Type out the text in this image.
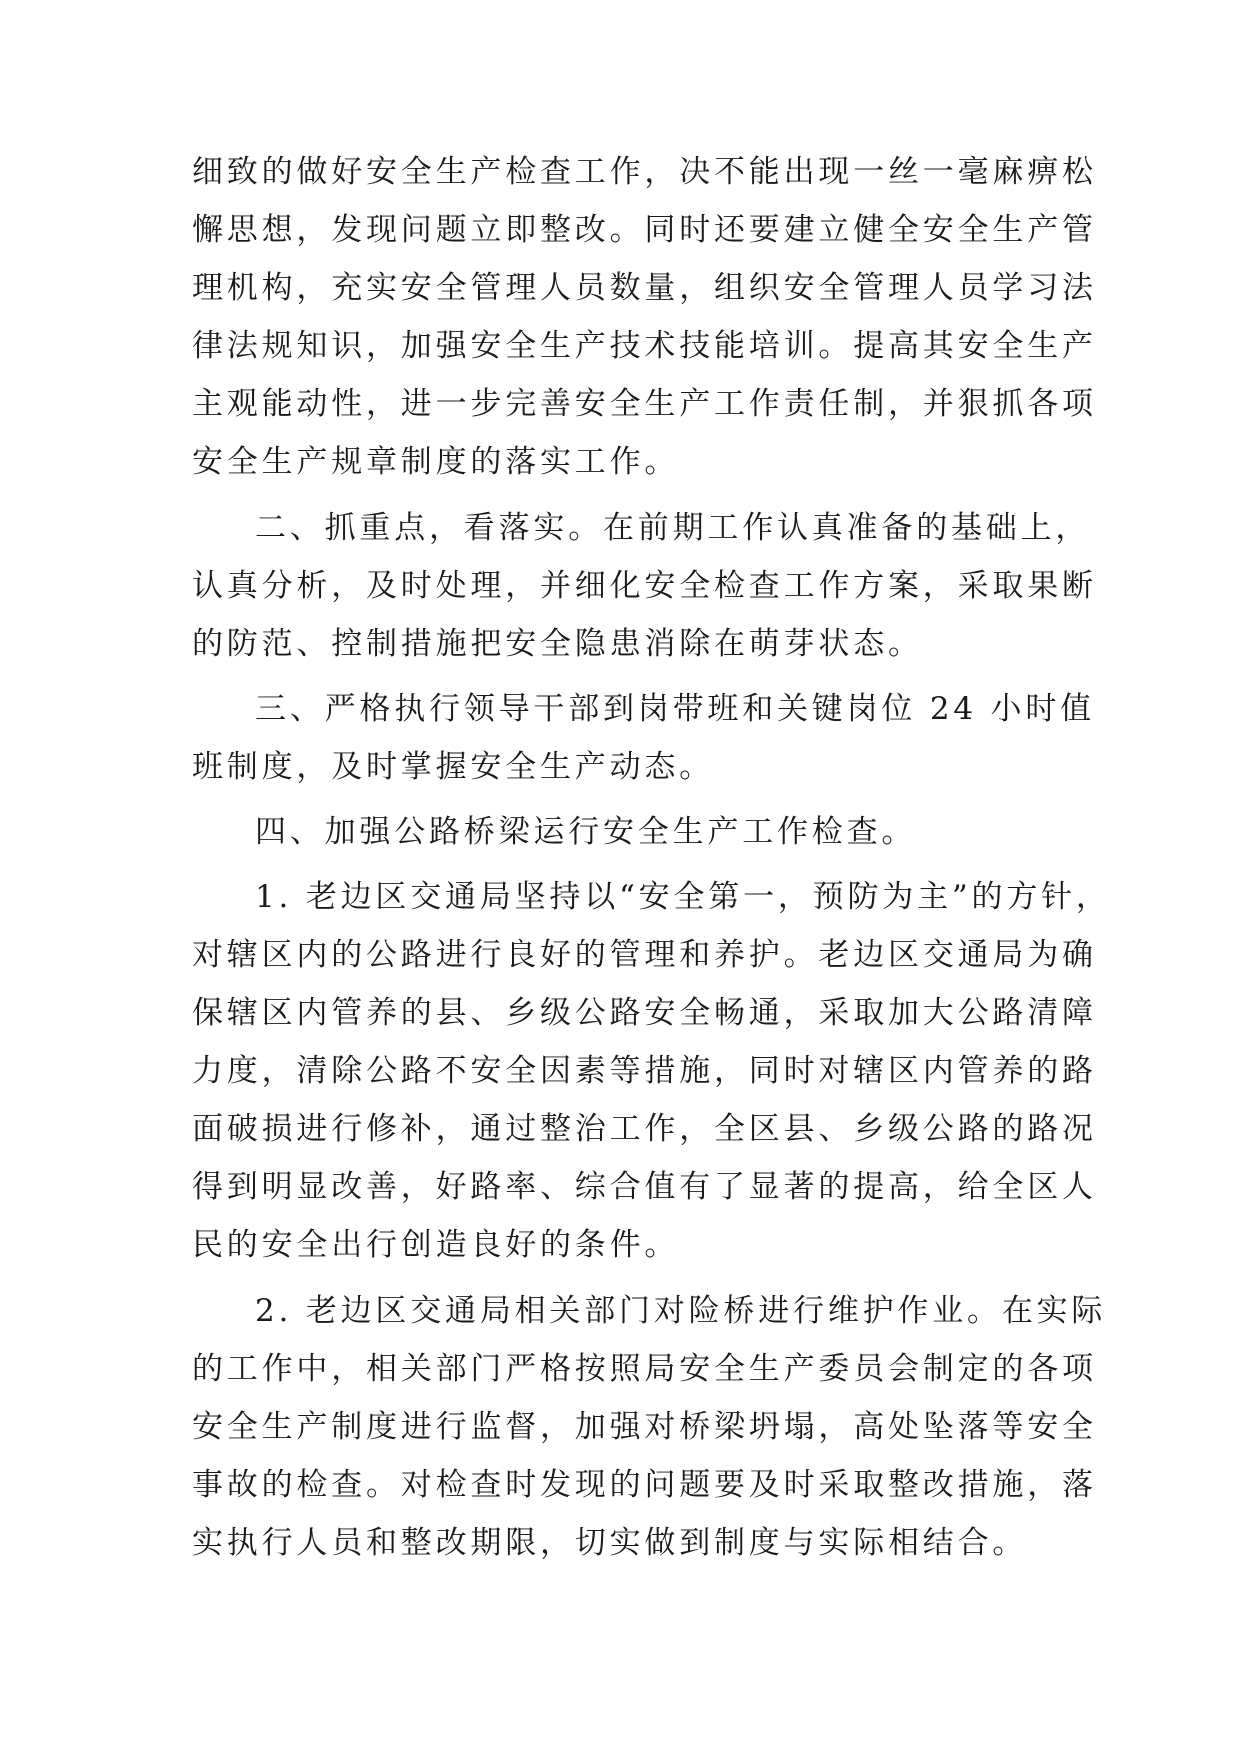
细致的做好安全生产检查工作，决不能出现一丝一毫麻痹松
懈思想，发现问题立即整改。同时还要建立健全安全生产管
理机构，充实安全管理人员数量，组织安全管理人员学习法
律法规知识，加强安全生产技术技能培训。提高其安全生产
主观能动性，进一步完善安全生产工作责任制，并狠抓各项
安全生产规章制度的落实工作。
二、抓重点，看落实。在前期工作认真准备的基础上，
认真分析，及时处理，并细化安全检查工作方案，采取果断
的防范、控制措施把安全隐患消除在萌芽状态。
三、严格执行领导干部到岗带班和关键岗位 24 小时值
班制度，及时掌握安全生产动态。
四、加强公路桥梁运行安全生产工作检查。
1. 老边区交通局坚持以“安全第一，预防为主”的方针，
对辖区内的公路进行良好的管理和养护。老边区交通局为确
保辖区内管养的县、乡级公路安全畅通，采取加大公路清障
力度，清除公路不安全因素等措施，同时对辖区内管养的路
面破损进行修补，通过整治工作，全区县、乡级公路的路况
得到明显改善，好路率、综合值有了显著的提高，给全区人
民的安全出行创造良好的条件。
2. 老边区交通局相关部门对险桥进行维护作业。在实际
的工作中，相关部门严格按照局安全生产委员会制定的各项
安全生产制度进行监督，加强对桥梁坍塌，高处坠落等安全
事故的检查。对检查时发现的问题要及时采取整改措施，落
实执行人员和整改期限，切实做到制度与实际相结合。
